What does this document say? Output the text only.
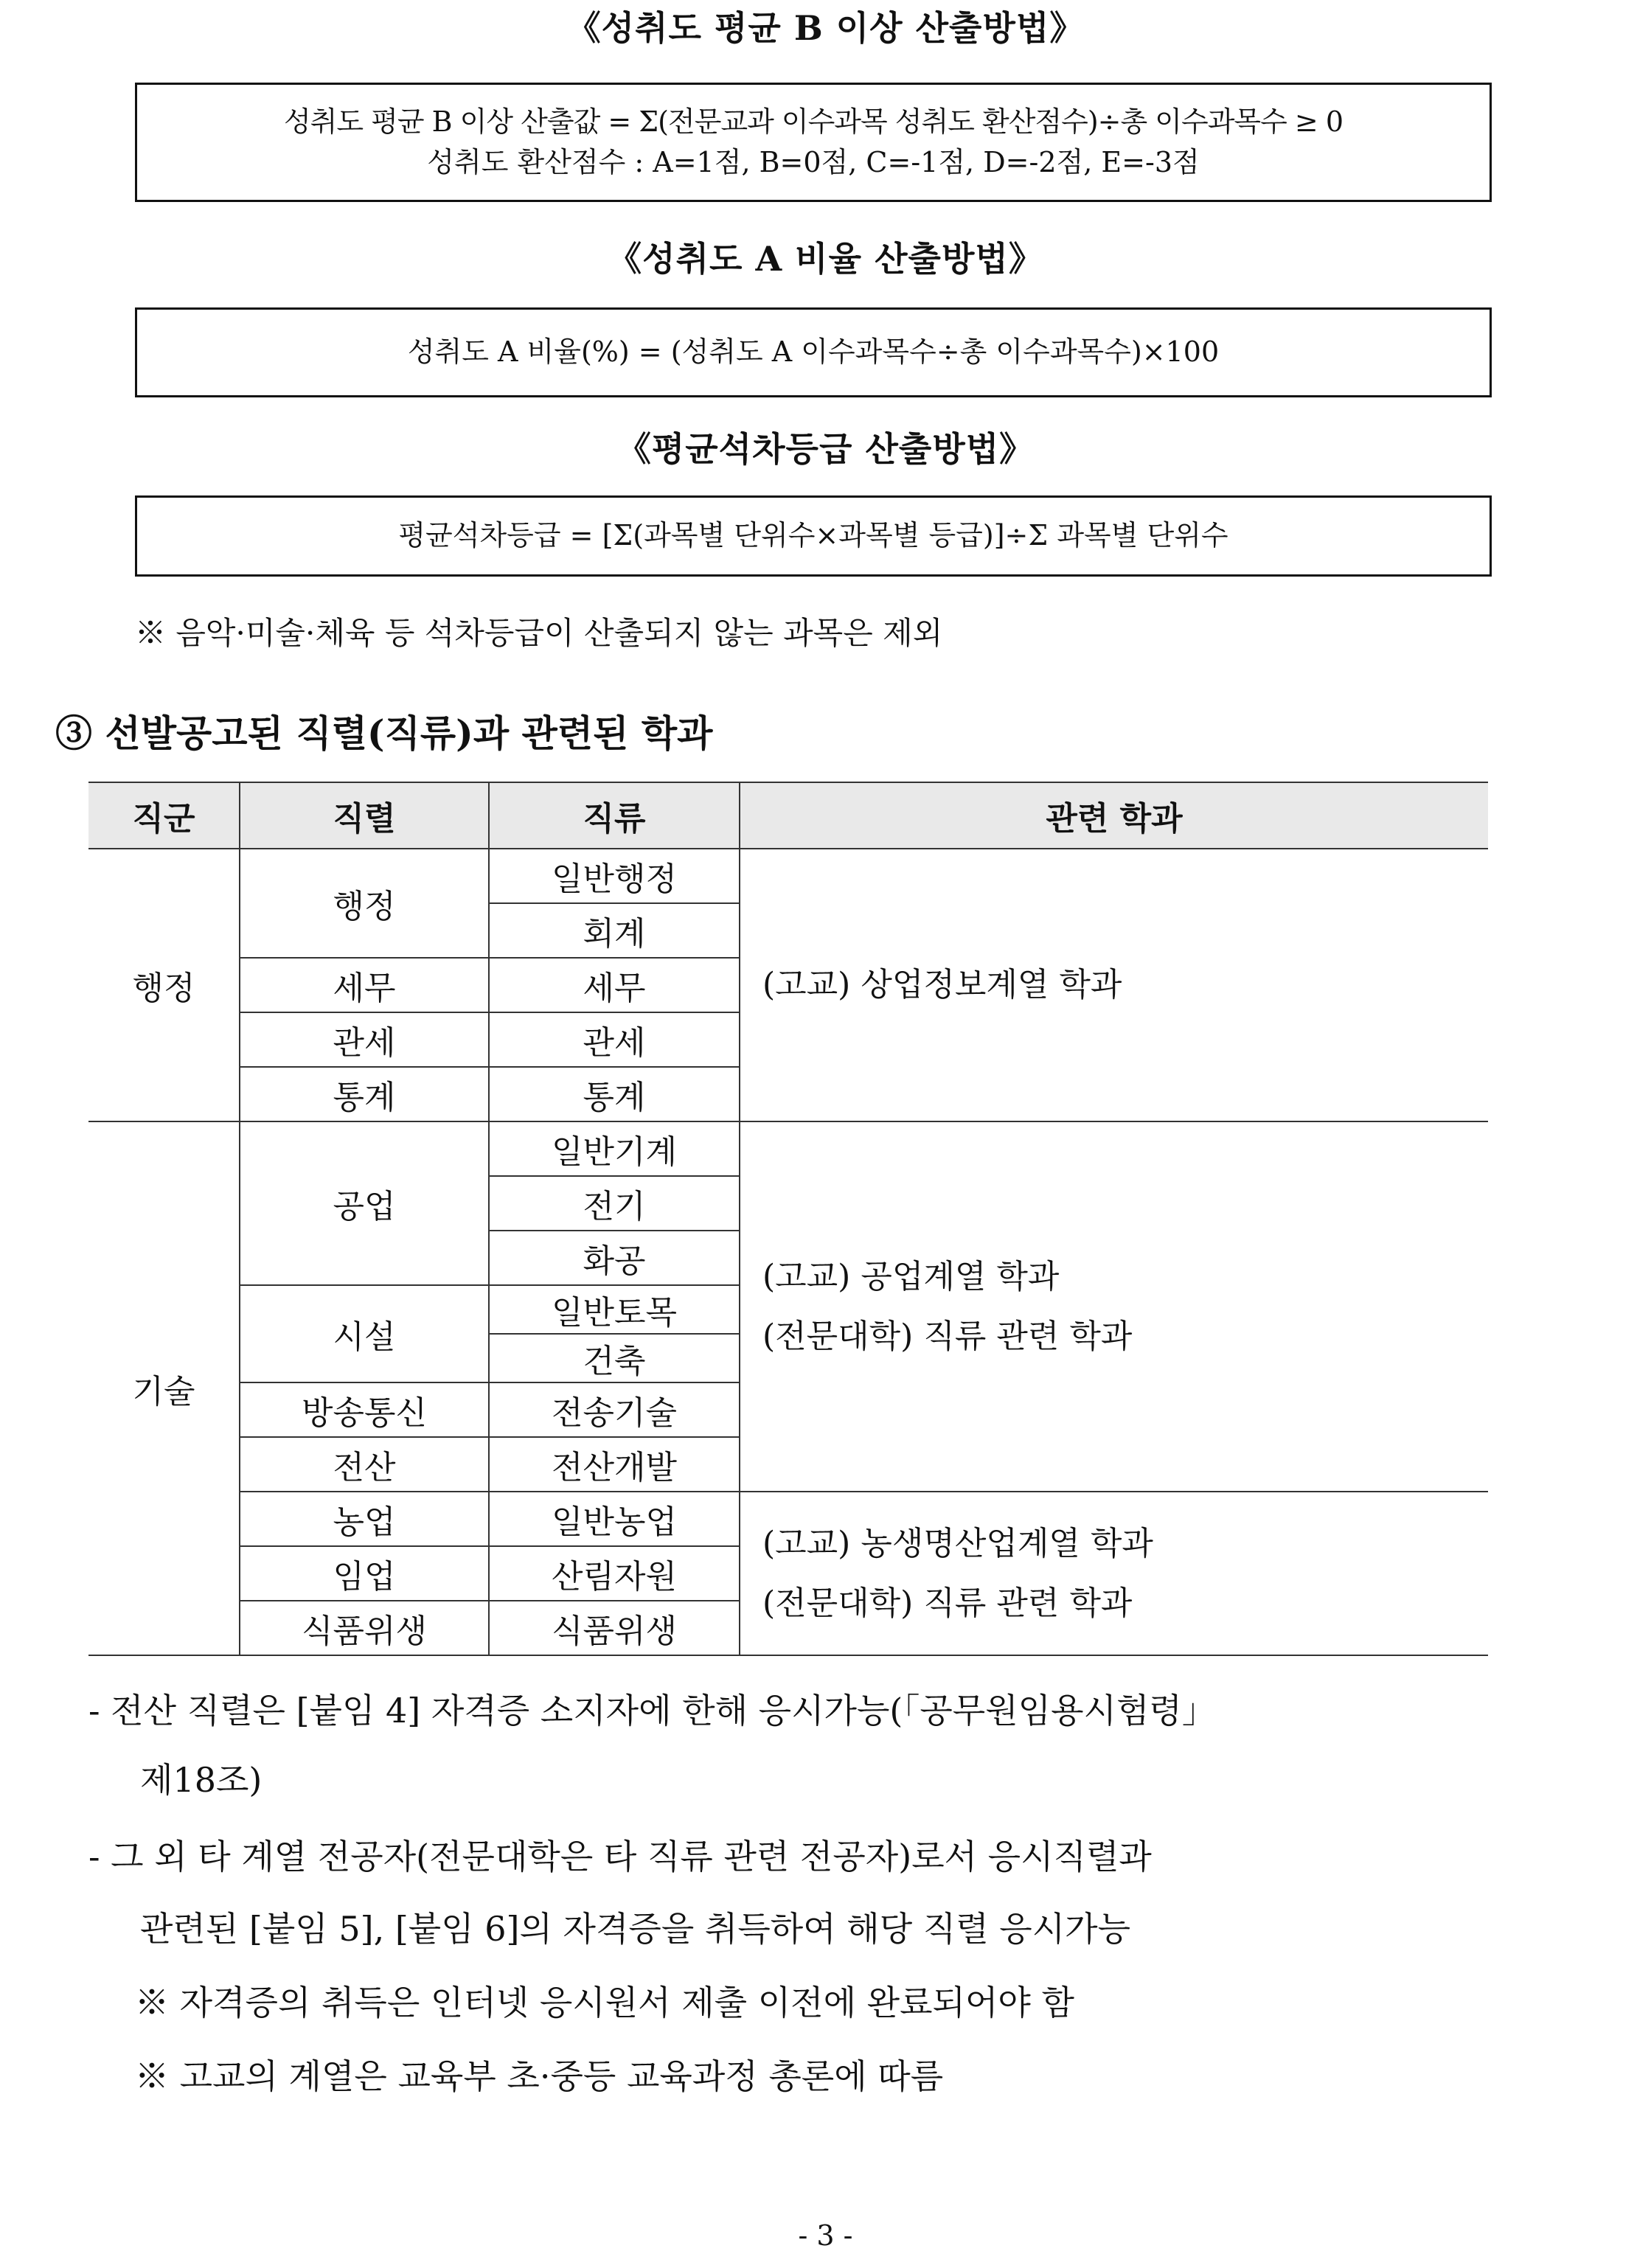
《성취도 평균 B 이상 산출방법》
성취도 평균 B 이상 산출값 = Σ(전문교과 이수과목 성취도 환산점수)÷총 이수과목수 ≥ 0
성취도 환산점수 : A=1점, B=0점, C=-1점, D=-2점, E=-3점
《성취도 A 비율 산출방법》
성취도 A 비율(%) = (성취도 A 이수과목수÷총 이수과목수)×100
《평균석차등급 산출방법》
평균석차등급 = [Σ(과목별 단위수×과목별 등급)]÷Σ 과목별 단위수
※ 음악·미술·체육 등 석차등급이 산출되지 않는 과목은 제외
③ 선발공고된 직렬(직류)과 관련된 학과
직군	직렬	직류	관련 학과
행정	행정	일반행정	(고교) 상업정보계열 학과
		회계	
	세무	세무	
	관세	관세	
	통계	통계	
기술	공업	일반기계	(고교) 공업계열 학과
(전문대학) 직류 관련 학과

		전기	
		화공	
	시설	일반토목	
		건축	
	방송통신	전송기술	
	전산	전산개발	
	농업	일반농업	(고교) 농생명산업계열 학과
(전문대학) 직류 관련 학과

	임업	산림자원	
	식품위생	식품위생	
- 전산 직렬은 [붙임 4] 자격증 소지자에 한해 응시가능(「공무원임용시험령」
제18조)
- 그 외 타 계열 전공자(전문대학은 타 직류 관련 전공자)로서 응시직렬과
관련된 [붙임 5], [붙임 6]의 자격증을 취득하여 해당 직렬 응시가능
※ 자격증의 취득은 인터넷 응시원서 제출 이전에 완료되어야 함
※ 고교의 계열은 교육부 초·중등 교육과정 총론에 따름
- 3 -
